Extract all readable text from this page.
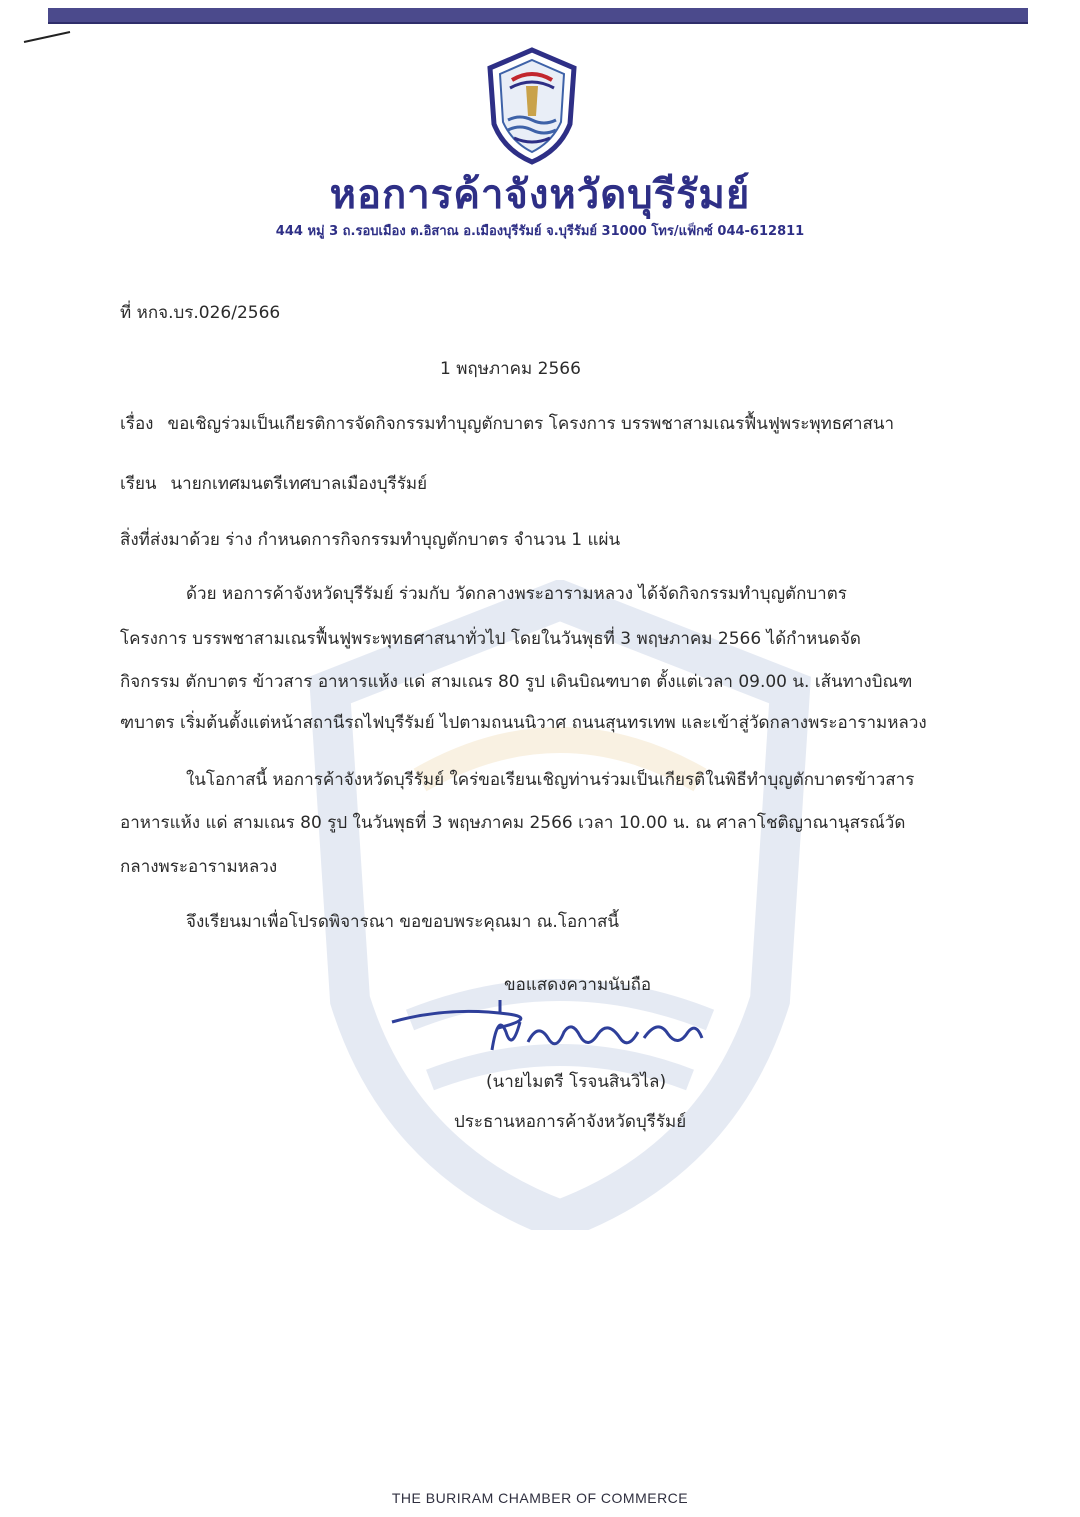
หอการค้าจังหวัดบุรีรัมย์
444 หมู่ 3 ถ.รอบเมือง ต.อิสาณ อ.เมืองบุรีรัมย์ จ.บุรีรัมย์ 31000 โทร/แฟ็กซ์ 044-612811
ที่ หกจ.บร.026/2566
1 พฤษภาคม 2566
เรื่อง ขอเชิญร่วมเป็นเกียรติการจัดกิจกรรมทำบุญตักบาตร โครงการ บรรพชาสามเณรฟื้นฟูพระพุทธศาสนา
เรียน นายกเทศมนตรีเทศบาลเมืองบุรีรัมย์
สิ่งที่ส่งมาด้วย ร่าง กำหนดการกิจกรรมทำบุญตักบาตร จำนวน 1 แผ่น
ด้วย หอการค้าจังหวัดบุรีรัมย์ ร่วมกับ วัดกลางพระอารามหลวง ได้จัดกิจกรรมทำบุญตักบาตร
โครงการ บรรพชาสามเณรฟื้นฟูพระพุทธศาสนาทั่วไป โดยในวันพุธที่ 3 พฤษภาคม 2566 ได้กำหนดจัด
กิจกรรม ตักบาตร ข้าวสาร อาหารแห้ง แด่ สามเณร 80 รูป เดินบิณฑบาต ตั้งแต่เวลา 09.00 น. เส้นทางบิณฑ
ฑบาตร เริ่มต้นตั้งแต่หน้าสถานีรถไฟบุรีรัมย์ ไปตามถนนนิวาศ ถนนสุนทรเทพ และเข้าสู่วัดกลางพระอารามหลวง
ในโอกาสนี้ หอการค้าจังหวัดบุรีรัมย์ ใคร่ขอเรียนเชิญท่านร่วมเป็นเกียรติในพิธีทำบุญตักบาตรข้าวสาร
อาหารแห้ง แด่ สามเณร 80 รูป ในวันพุธที่ 3 พฤษภาคม 2566 เวลา 10.00 น. ณ ศาลาโชติญาณานุสรณ์วัด
กลางพระอารามหลวง
จึงเรียนมาเพื่อโปรดพิจารณา ขอขอบพระคุณมา ณ.โอกาสนี้
ขอแสดงความนับถือ
(นายไมตรี โรจนสินวิไล)
ประธานหอการค้าจังหวัดบุรีรัมย์
THE BURIRAM CHAMBER OF COMMERCE
